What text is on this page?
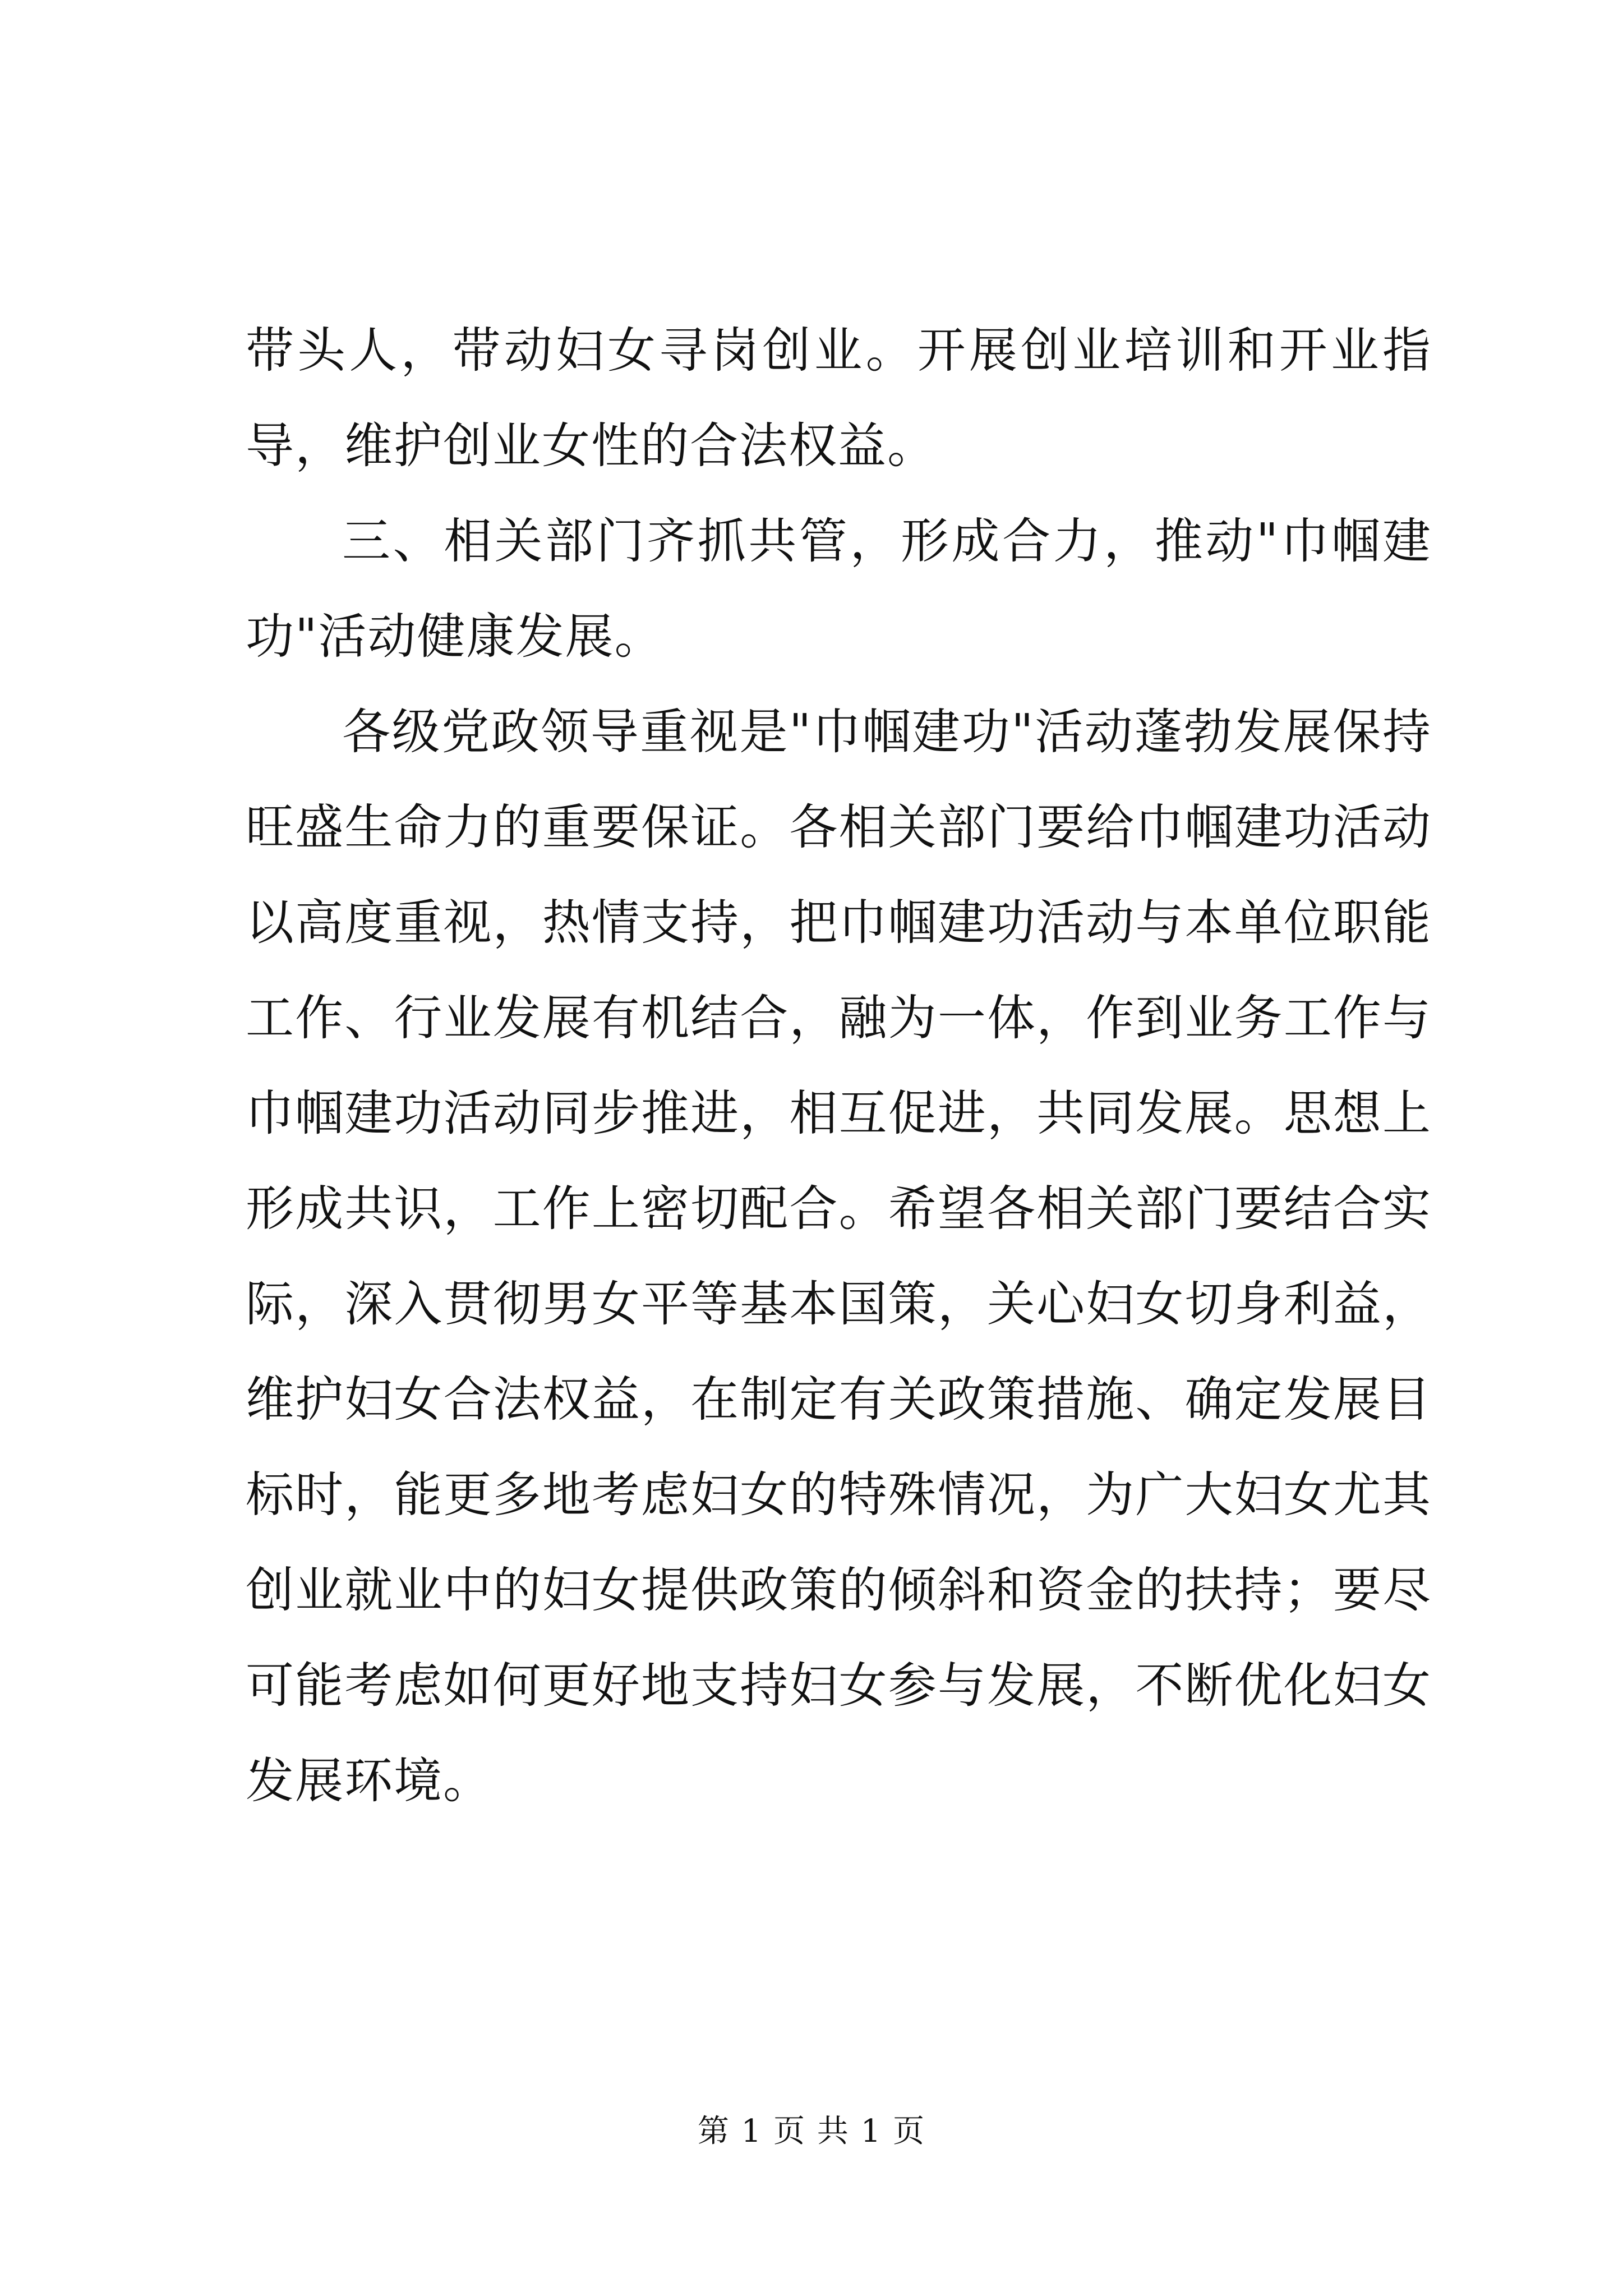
带头人，带动妇女寻岗创业。开展创业培训和开业指导，维护创业女性的合法权益。

三、相关部门齐抓共管，形成合力，推动"巾帼建功"活动健康发展。

各级党政领导重视是"巾帼建功"活动蓬勃发展保持旺盛生命力的重要保证。各相关部门要给巾帼建功活动以高度重视，热情支持，把巾帼建功活动与本单位职能工作、行业发展有机结合，融为一体，作到业务工作与巾帼建功活动同步推进，相互促进，共同发展。思想上形成共识，工作上密切配合。希望各相关部门要结合实际，深入贯彻男女平等基本国策，关心妇女切身利益，维护妇女合法权益，在制定有关政策措施、确定发展目标时，能更多地考虑妇女的特殊情况，为广大妇女尤其创业就业中的妇女提供政策的倾斜和资金的扶持；要尽可能考虑如何更好地支持妇女参与发展，不断优化妇女发展环境。

第 1 页 共 1 页
